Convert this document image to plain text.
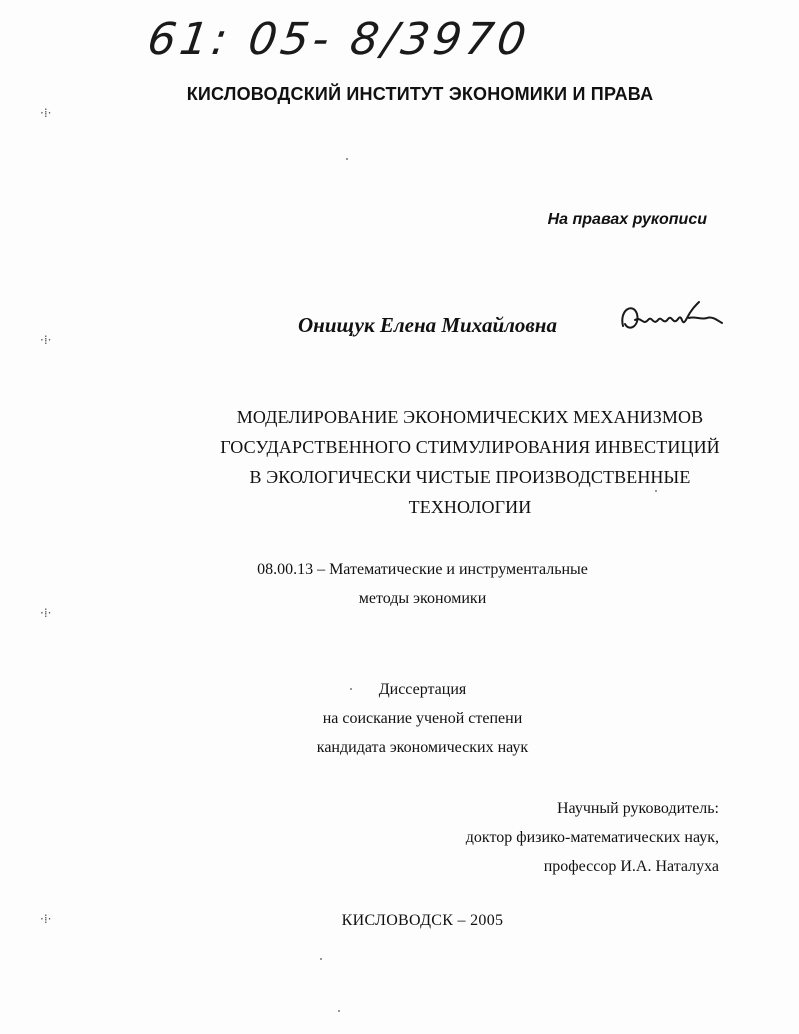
61: 05- 8/3970
КИСЛОВОДСКИЙ ИНСТИТУТ ЭКОНОМИКИ И ПРАВА
На правах рукописи
Онищук Елена Михайловна
МОДЕЛИРОВАНИЕ ЭКОНОМИЧЕСКИХ МЕХАНИЗМОВ
ГОСУДАРСТВЕННОГО СТИМУЛИРОВАНИЯ ИНВЕСТИЦИЙ
В ЭКОЛОГИЧЕСКИ ЧИСТЫЕ ПРОИЗВОДСТВЕННЫЕ
ТЕХНОЛОГИИ
08.00.13 – Математические и инструментальные
методы экономики
Диссертация
на соискание ученой степени
кандидата экономических наук
Научный руководитель:
доктор физико-математических наук,
профессор И.А. Наталуха
КИСЛОВОДСК – 2005
·⁞·
·⁞·
·⁞·
·⁞·
